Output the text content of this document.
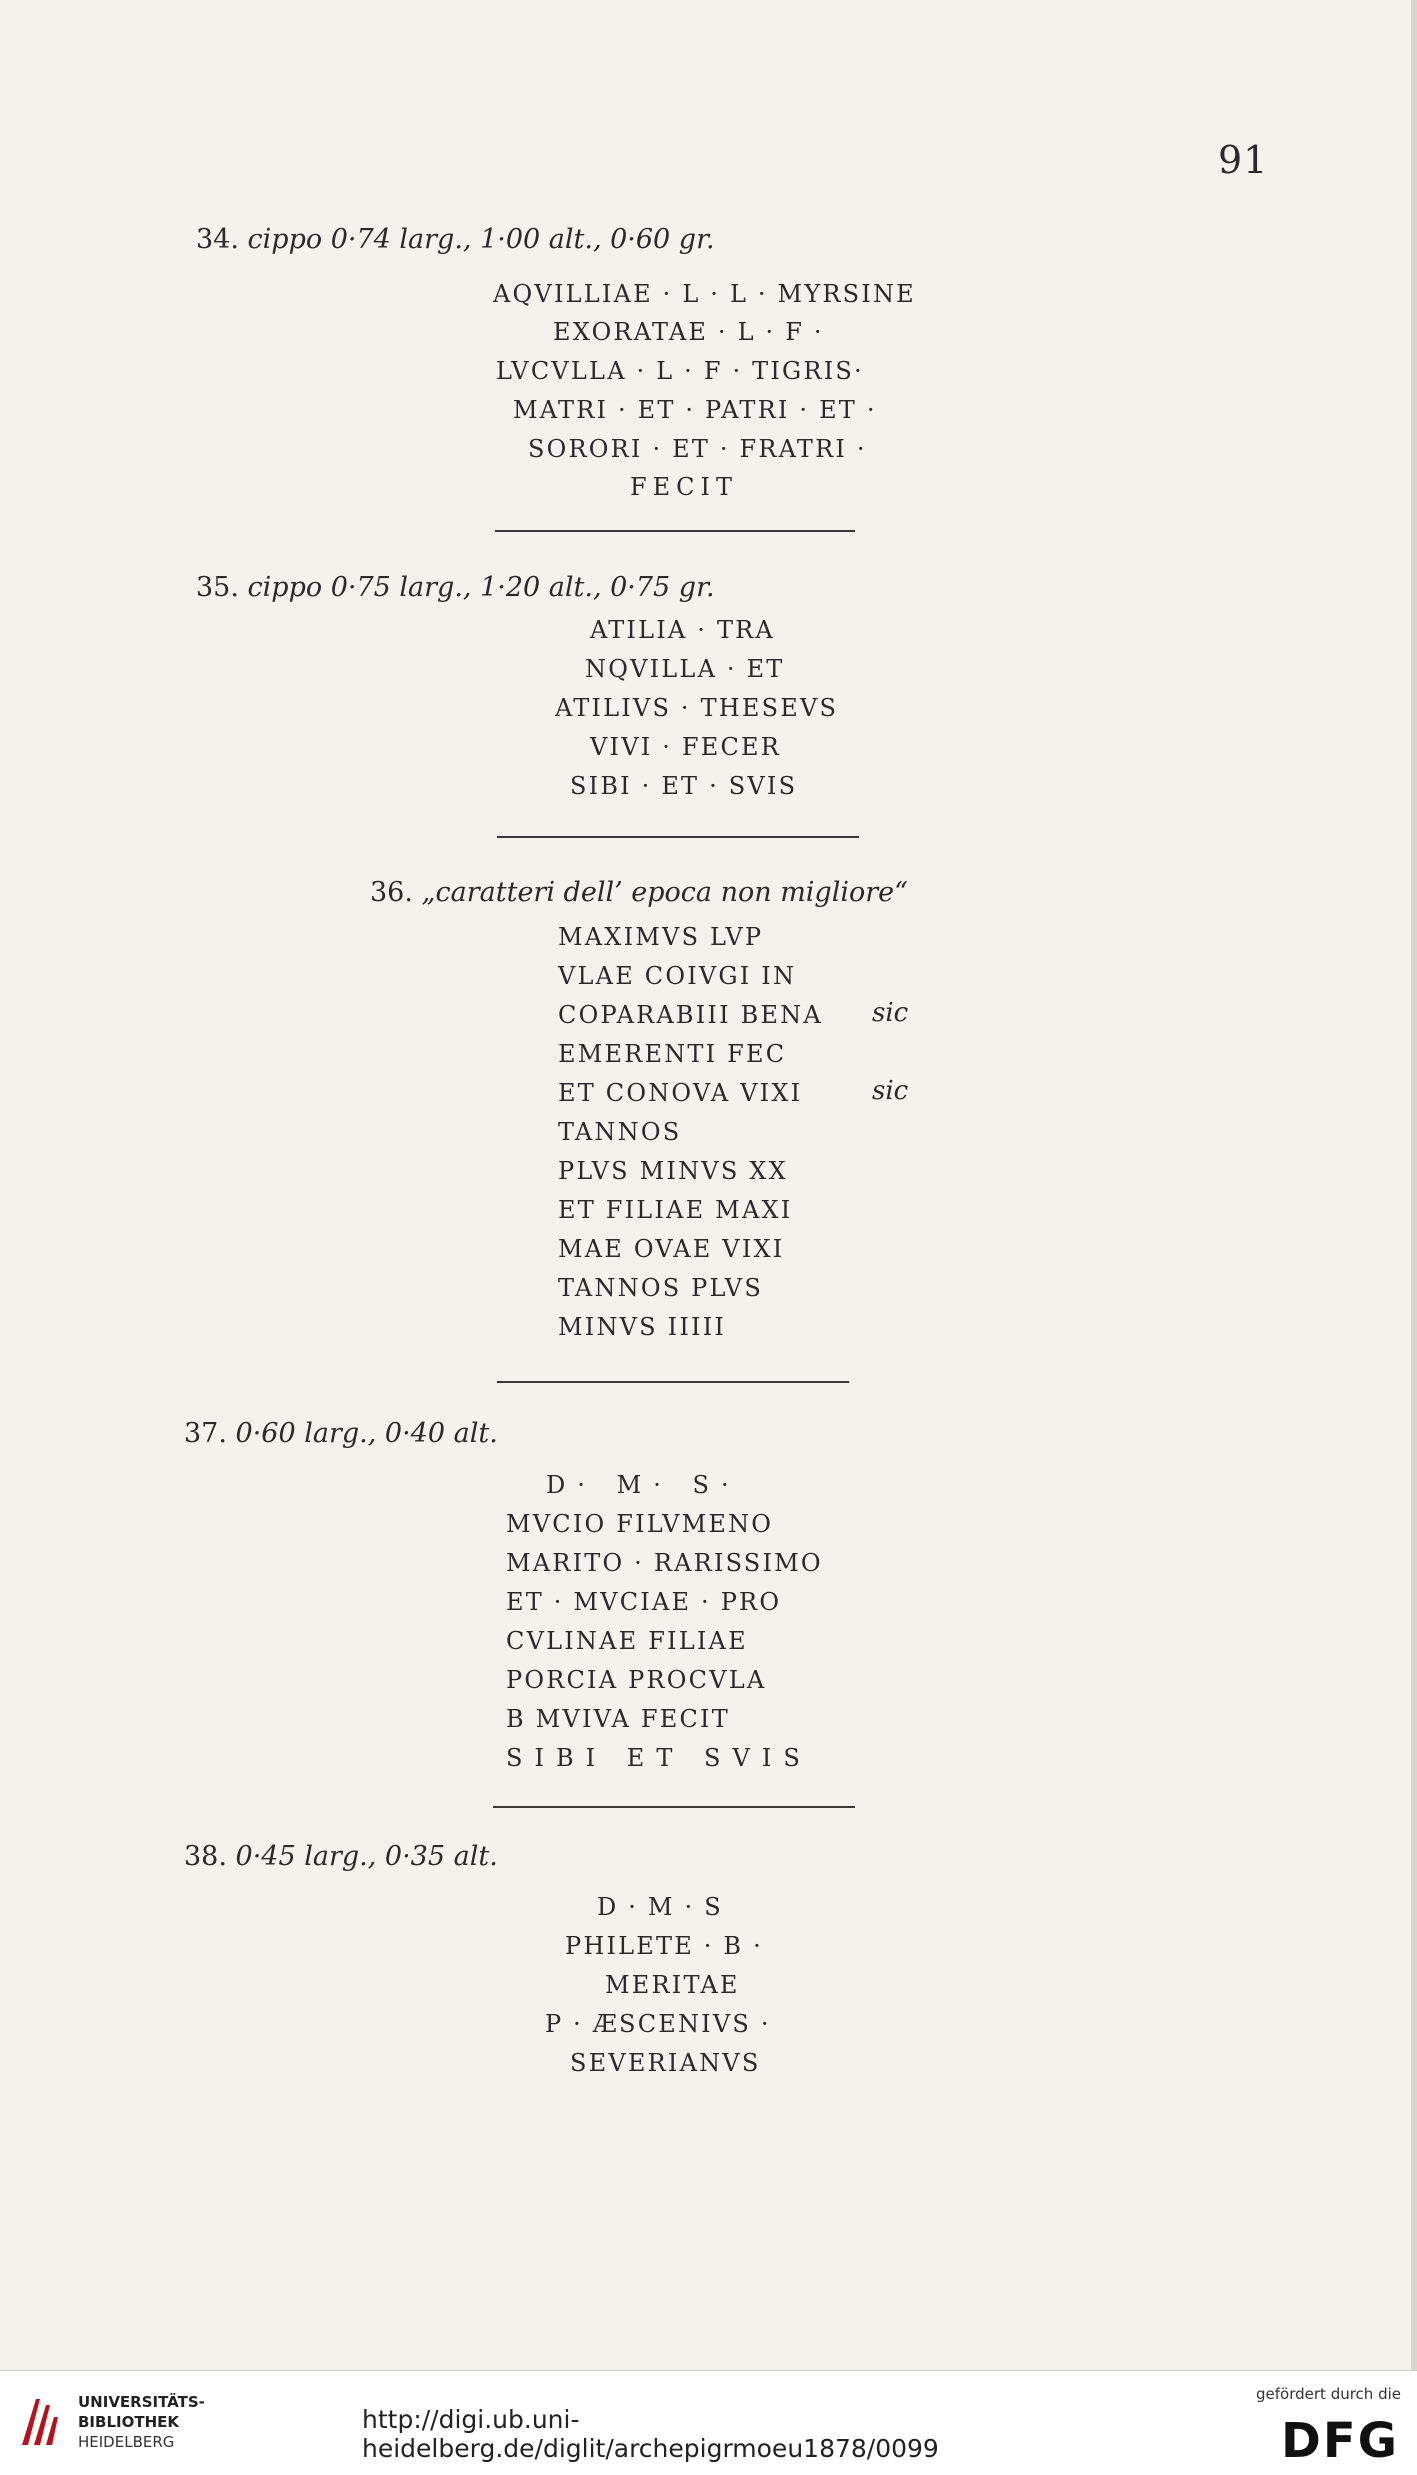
91
34. cippo 0·74 larg., 1·00 alt., 0·60 gr.
AQVILLIAE · L · L · MYRSINE
EXORATAE · L · F ·
LVCVLLA · L · F · TIGRIS·
MATRI · ET · PATRI · ET ·
SORORI · ET · FRATRI ·
FECIT
35. cippo 0·75 larg., 1·20 alt., 0·75 gr.
ATILIA · TRA
NQVILLA · ET
ATILIVS · THESEVS
VIVI · FECER
SIBI · ET · SVIS
36. „caratteri dell’ epoca non migliore“
MAXIMVS LVP
VLAE COIVGI IN
COPARABIII BENA sic
EMERENTI FEC
ET CONOVA VIXI	sic
TANNOS
PLVS MINVS XX
ET FILIAE MAXI
MAE OVAE VIXI
TANNOS PLVS
MINVS IIIII
37. 0·60 larg., 0·40 alt.
D ·   M ·   S ·
MVCIO FILVMENO
MARITO · RARISSIMO
ET · MVCIAE · PRO
CVLINAE FILIAE
PORCIA PROCVLA
B MVIVA FECIT
S I B I   E T   S V I S
38. 0·45 larg., 0·35 alt.
D · M · S
PHILETE · B ·
MERITAE
P · ÆSCENIVS ·
SEVERIANVS
UNIVERSITÄTS-
BIBLIOTHEK
HEIDELBERG
http://digi.ub.uni-heidelberg.de/diglit/archepigrmoeu1878/0099
gefördert durch die
DFG
